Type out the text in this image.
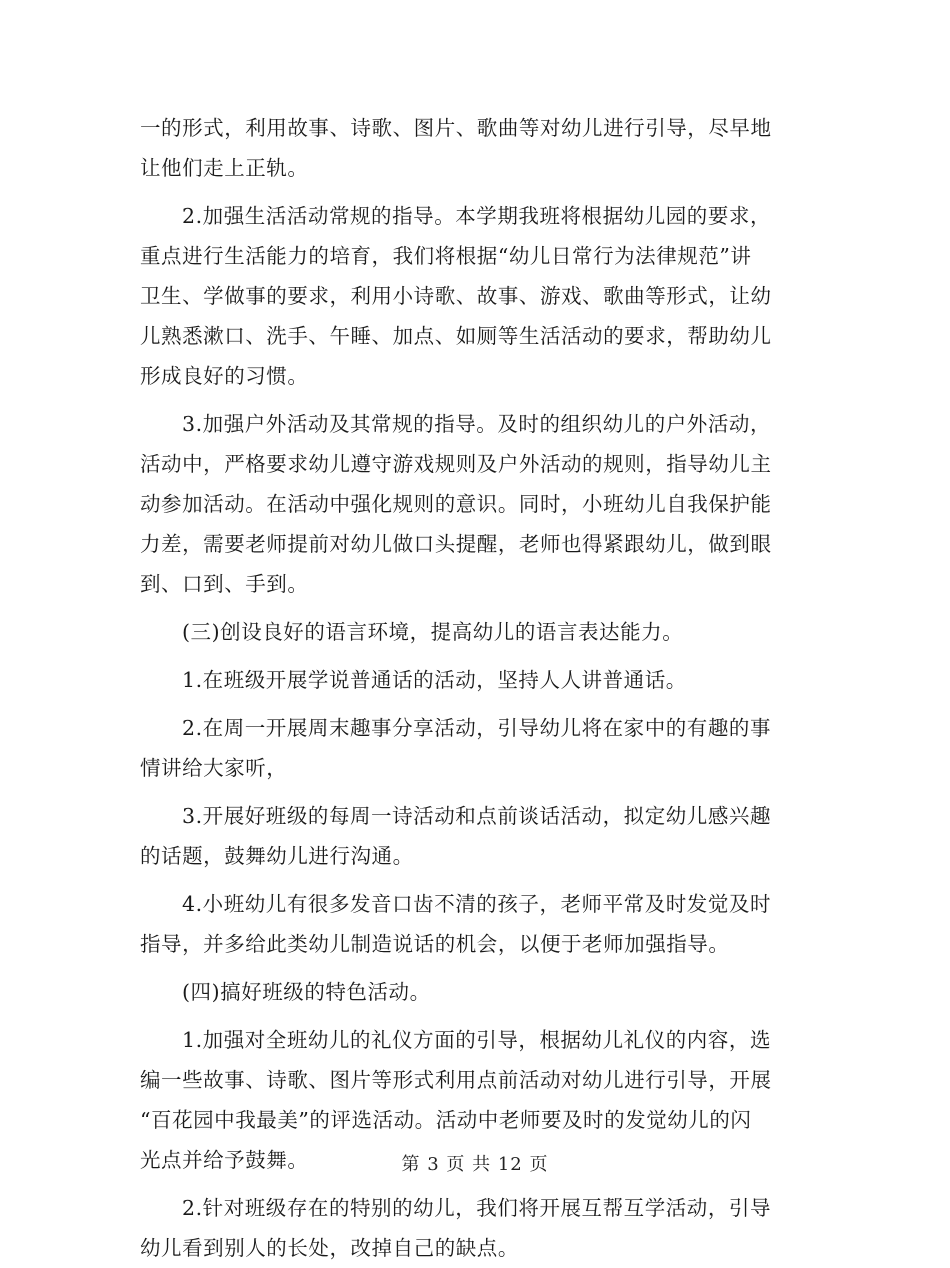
一的形式，利用故事、诗歌、图片、歌曲等对幼儿进行引导，尽早地
让他们走上正轨。
2.加强生活活动常规的指导。本学期我班将根据幼儿园的要求，
重点进行生活能力的培育，我们将根据“幼儿日常行为法律规范”讲
卫生、学做事的要求，利用小诗歌、故事、游戏、歌曲等形式，让幼
儿熟悉漱口、洗手、午睡、加点、如厕等生活活动的要求，帮助幼儿
形成良好的习惯。
3.加强户外活动及其常规的指导。及时的组织幼儿的户外活动，
活动中，严格要求幼儿遵守游戏规则及户外活动的规则，指导幼儿主
动参加活动。在活动中强化规则的意识。同时，小班幼儿自我保护能
力差，需要老师提前对幼儿做口头提醒，老师也得紧跟幼儿，做到眼
到、口到、手到。
(三)创设良好的语言环境，提高幼儿的语言表达能力。
1.在班级开展学说普通话的活动，坚持人人讲普通话。
2.在周一开展周末趣事分享活动，引导幼儿将在家中的有趣的事
情讲给大家听，
3.开展好班级的每周一诗活动和点前谈话活动，拟定幼儿感兴趣
的话题，鼓舞幼儿进行沟通。
4.小班幼儿有很多发音口齿不清的孩子，老师平常及时发觉及时
指导，并多给此类幼儿制造说话的机会，以便于老师加强指导。
(四)搞好班级的特色活动。
1.加强对全班幼儿的礼仪方面的引导，根据幼儿礼仪的内容，选
编一些故事、诗歌、图片等形式利用点前活动对幼儿进行引导，开展
“百花园中我最美”的评选活动。活动中老师要及时的发觉幼儿的闪
光点并给予鼓舞。
2.针对班级存在的特别的幼儿，我们将开展互帮互学活动，引导
幼儿看到别人的长处，改掉自己的缺点。
第 3 页 共 12 页
